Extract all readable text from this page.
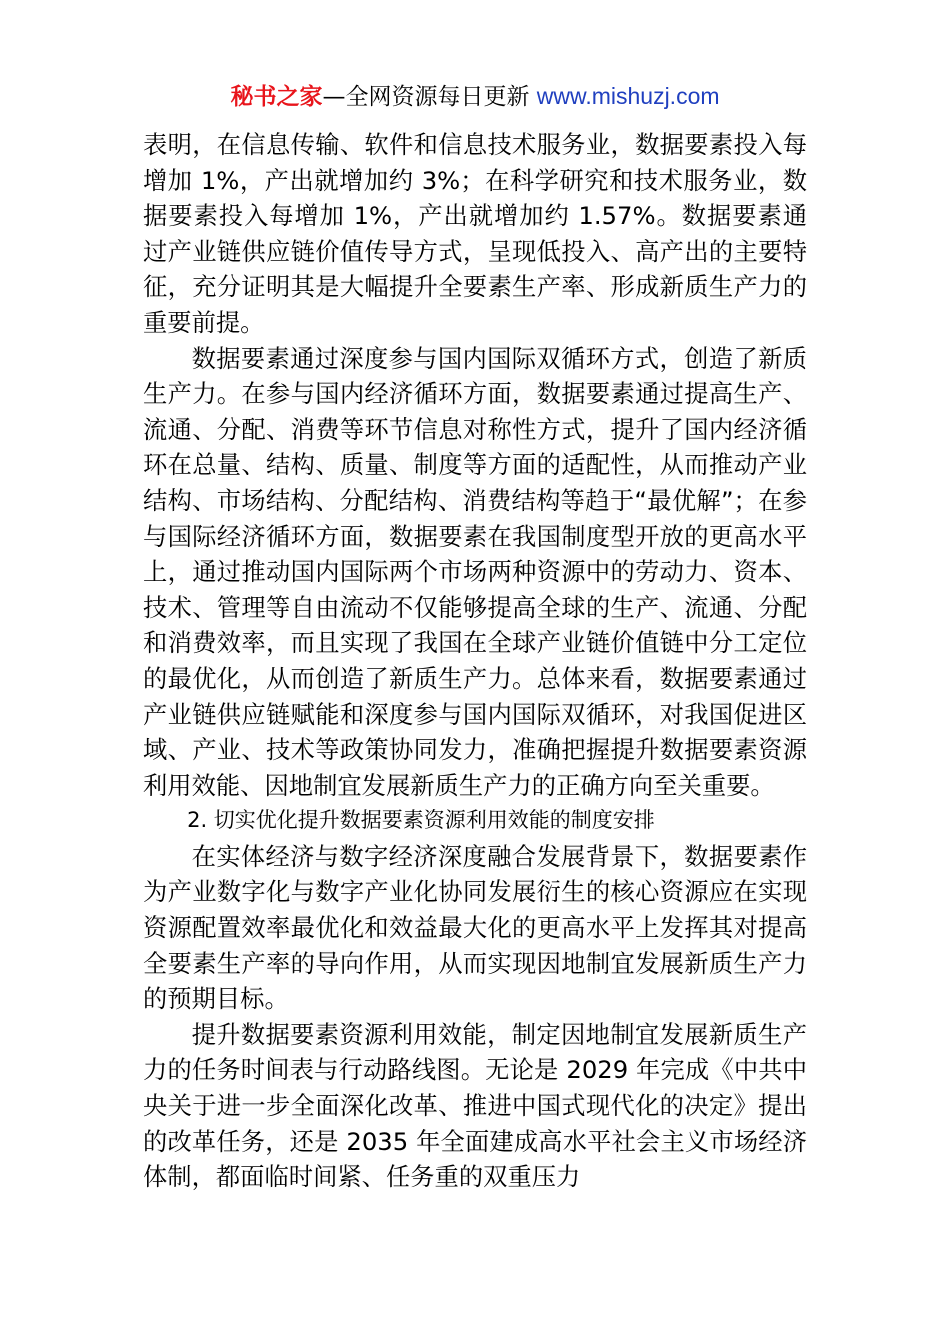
秘书之家—全网资源每日更新 www.mishuzj.com

表明，在信息传输、软件和信息技术服务业，数据要素投入每增加 1%，产出就增加约 3%；在科学研究和技术服务业，数据要素投入每增加 1%，产出就增加约 1.57%。数据要素通过产业链供应链价值传导方式，呈现低投入、高产出的主要特征，充分证明其是大幅提升全要素生产率、形成新质生产力的重要前提。

数据要素通过深度参与国内国际双循环方式，创造了新质生产力。在参与国内经济循环方面，数据要素通过提高生产、流通、分配、消费等环节信息对称性方式，提升了国内经济循环在总量、结构、质量、制度等方面的适配性，从而推动产业结构、市场结构、分配结构、消费结构等趋于“最优解”；在参与国际经济循环方面，数据要素在我国制度型开放的更高水平上，通过推动国内国际两个市场两种资源中的劳动力、资本、技术、管理等自由流动不仅能够提高全球的生产、流通、分配和消费效率，而且实现了我国在全球产业链价值链中分工定位的最优化，从而创造了新质生产力。总体来看，数据要素通过产业链供应链赋能和深度参与国内国际双循环，对我国促进区域、产业、技术等政策协同发力，准确把握提升数据要素资源利用效能、因地制宜发展新质生产力的正确方向至关重要。

2. 切实优化提升数据要素资源利用效能的制度安排

在实体经济与数字经济深度融合发展背景下，数据要素作为产业数字化与数字产业化协同发展衍生的核心资源应在实现资源配置效率最优化和效益最大化的更高水平上发挥其对提高全要素生产率的导向作用，从而实现因地制宜发展新质生产力的预期目标。

提升数据要素资源利用效能，制定因地制宜发展新质生产力的任务时间表与行动路线图。无论是 2029 年完成《中共中央关于进一步全面深化改革、推进中国式现代化的决定》提出的改革任务，还是 2035 年全面建成高水平社会主义市场经济体制，都面临时间紧、任务重的双重压力
